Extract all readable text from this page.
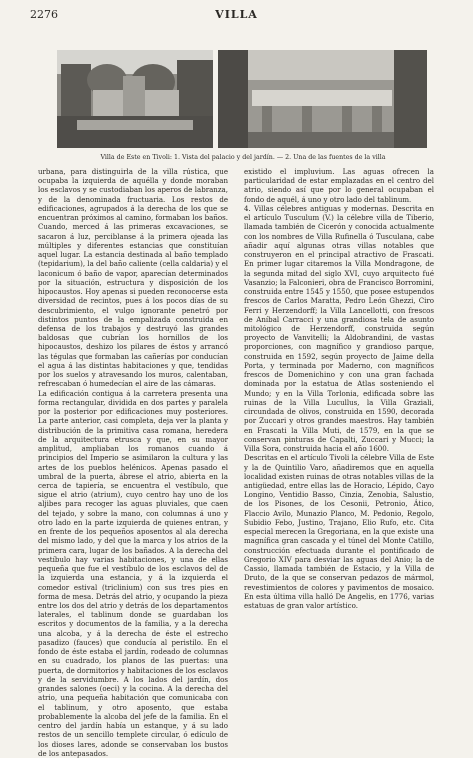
2276	VILLA
Villa de Este en Tivoli: 1. Vista del palacio y del jardín. — 2. Una de las fuentes de la villa

urbana, para distinguirla de la villa rústica, que ocupaba la izquierda de aquélla y donde moraban los esclavos y se custodiaban los aperos de labranza, y de la denominada fructuaria. Los restos de edificaciones, agrupados á la derecha de los que se encuentran próximos al camino, formaban los baños. Cuando, merced á las primeras excavaciones, se sacaron á luz, perciblanse á la primera ojeada las múltiples y diferentes estancias que constituían aquel lugar. La estancia destinada al baño templado (tepidarium), la del baño caliente (cella caldaria) y el laconicum ó baño de vapor, aparecían determinados por la situación, estructura y disposición de los hipocaustos. Hoy apenas si pueden reconocerse esta diversidad de recintos, pues á los pocos días de su descubrimiento, el vulgo ignorante penetró por distintos puntos de la empalizada construida en defensa de los trabajos y destruyó las grandes baldosas que cubrían los hornillos de los hipocaustos, deshizo los pilares de éstos y arrancó las tégulas que formaban las cañerías por conducían el agua á las distintas habitaciones y que, tendidas por los suelos y atravesando los muros, calentaban, refrescaban ó humedecían el aire de las cámaras.

La edificación contigua á la carretera presenta una forma rectangular, dividida en dos partes y paralela por la posterior por edificaciones muy posteriores. La parte anterior, casi completa, deja ver la planta y distribución de la primitiva casa romana, heredera de la arquitectura etrusca y que, en su mayor amplitud, ampliaban los romanos cuando á principios del Imperio se asimilaron la cultura y las artes de los pueblos helénicos. Apenas pasado el umbral de la puerta, ábrese el atrio, abierta en la cerca de tapiería, se encuentra el vestíbulo, que sigue el atrio (atrium), cuyo centro hay uno de los aljibes para recoger las aguas pluviales, que caen del tejado, y sobre la mano, con columnas á uno y otro lado en la parte izquierda de quienes entran, y en frente de los pequeños aposentos al ala derecha del mismo lado, y del que la marca y los atrios de la primera cara, lugar de los bañados. A la derecha del vestíbulo hay varias habitaciones, y una de ellas pequeña que fue el vestíbulo de los esclavos del de la izquierda una estancia, y á la izquierda el comedor estival (triclinium) con sus tres pies en forma de mesa. Detrás del atrio, y ocupando la pieza entre los dos del atrio y detrás de los departamentos laterales, el tablinum donde se guardaban los escritos y documentos de la familia, y a la derecha una alcoba, y á la derecha de éste el estrecho pasadizo (fauces) que conducía al peristilo. En el fondo de éste estaba el jardín, rodeado de columnas en su cuadrado, los planos de las puertas: una puerta, de dormitorios y habitaciones de los esclavos y de la servidumbre. A los lados del jardín, dos grandes salones (oeci) y la cocina. A la derecha del atrio, una pequeña habitación que comunicaba con el tablinum, y otro aposento, que estaba probablemente la alcoba del jefe de la familia. En el centro del jardín había un estanque, y á su lado restos de un sencillo templete circular, ó edículo de los dioses lares, adonde se conservaban los bustos de los antepasados.

existido el impluvium. Las aguas ofrecen la particularidad de estar emplazadas en el centro del atrio, siendo así que por lo general ocupaban el fondo de aquél, á uno y otro lado del tablinum.

4. Villas célebres antiguas y modernas. Descrita en el artículo Tusculum (V.) la célebre villa de Tiberio, llamada también de Cicerón y conocida actualmente con los nombres de Villa Rufinella ó Tusculana, cabe añadir aquí algunas otras villas notables que construyeron en el principal atractivo de Frascati. En primer lugar citaremos la Villa Mondragone, de la segunda mitad del siglo XVI, cuyo arquitecto fué Vasanzio; la Falconieri, obra de Francisco Borromini, construida entre 1545 y 1550, que posee estupendos frescos de Carlos Maratta, Pedro León Ghezzi, Ciro Ferri y Herzendorff; la Villa Lancellotti, con frescos de Aníbal Carracci y una grandiosa tela de asunto mitológico de Herzendorff, construida según proyecto de Vanvitelli; la Aldobrandini, de vastas proporciones, con magnífico y grandioso parque, construida en 1592, según proyecto de Jaime della Porta, y terminada por Maderno, con magníficos frescos de Domenichino y con una gran fachada dominada por la estatua de Atlas sosteniendo el Mundo; y en la Villa Torlonia, edificada sobre las ruinas de la Villa Lucullus, la Villa Graziali, circundada de olivos, construida en 1590, decorada por Zuccari y otros grandes maestros. Hay también en Frascati la Villa Muti, de 1579, en la que se conservan pinturas de Capalti, Zuccari y Mucci; la Villa Sora, construida hacia el año 1600.

Descritas en el artículo Tivoli la célebre Villa de Este y la de Quintilio Varo, añadiremos que en aquella localidad existen ruinas de otras notables villas de la antigüedad, entre ellas las de Horacio, Lépido, Cayo Longino, Ventidio Basso, Cinzia, Zenobia, Salustio, de los Pisones, de los Cesonii, Petronio, Ático, Flaccio Avilo, Munazio Planco, M. Pedonio, Regolo, Subidio Febo, Justino, Trajano, Elio Rufo, etc. Cita especial merecen la Gregoriana, en la que existe una magnífica gran cascada y el túnel del Monte Catillo, construcción efectuada durante el pontificado de Gregorio XIV para desviar las aguas del Anio; la de Cassio, llamada también de Estacio, y la Villa de Druto, de la que se conservan pedazos de mármol, revestimientos de colores y pavimentos de mosaico. En esta última villa halló De Angelis, en 1776, varias estatuas de gran valor artístico.
